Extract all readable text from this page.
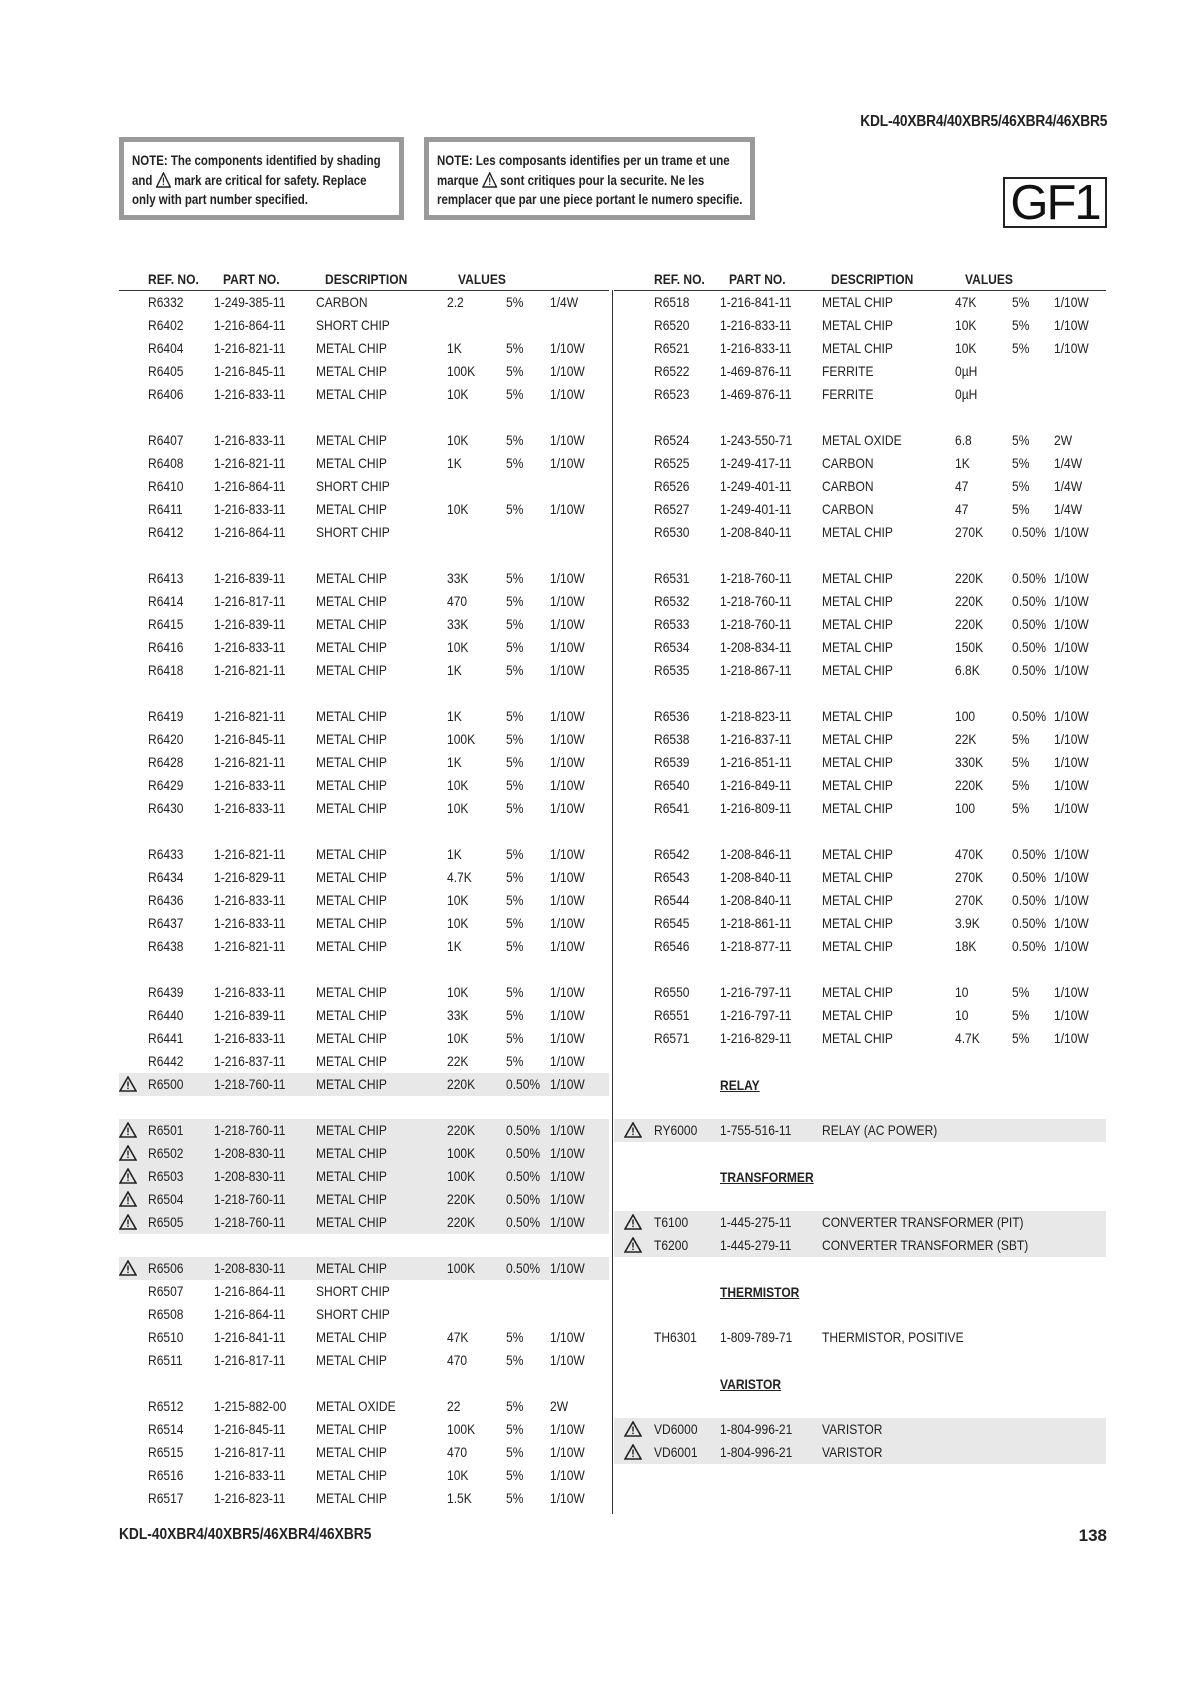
KDL-40XBR4/40XBR5/46XBR4/46XBR5
NOTE: The components identified by shading and mark are critical for safety. Replace only with part number specified.
NOTE: Les composants identifies per un trame et une marque sont critiques pour la securite. Ne les remplacer que par une piece portant le numero specifie.	GF1
REF. NO. PART NO.	DESCRIPTION	VALUES
R6332 1-249-385-11 CARBON	2.2	5% 1/4W
R6402 1-216-864-11 SHORT CHIP
R6404 1-216-821-11 METAL CHIP	1K	5% 1/10W
R6405 1-216-845-11 METAL CHIP	100K 5% 1/10W
R6406 1-216-833-11 METAL CHIP	10K	5% 1/10W
R6407 1-216-833-11 METAL CHIP	10K	5% 1/10W
R6408 1-216-821-11 METAL CHIP	1K	5% 1/10W
R6410 1-216-864-11 SHORT CHIP
R6411 1-216-833-11 METAL CHIP	10K	5% 1/10W
R6412 1-216-864-11 SHORT CHIP
R6413 1-216-839-11 METAL CHIP	33K	5% 1/10W
R6414 1-216-817-11 METAL CHIP	470	5% 1/10W
R6415 1-216-839-11 METAL CHIP	33K	5% 1/10W
R6416 1-216-833-11 METAL CHIP	10K	5% 1/10W
R6418 1-216-821-11 METAL CHIP	1K	5% 1/10W
R6419 1-216-821-11 METAL CHIP	1K	5% 1/10W
R6420 1-216-845-11 METAL CHIP	100K 5% 1/10W
R6428 1-216-821-11 METAL CHIP	1K	5% 1/10W
R6429 1-216-833-11 METAL CHIP	10K	5% 1/10W
R6430 1-216-833-11 METAL CHIP	10K	5% 1/10W
R6433 1-216-821-11 METAL CHIP	1K	5% 1/10W
R6434 1-216-829-11 METAL CHIP	4.7K 5% 1/10W
R6436 1-216-833-11 METAL CHIP	10K	5% 1/10W
R6437 1-216-833-11 METAL CHIP	10K	5% 1/10W
R6438 1-216-821-11 METAL CHIP	1K	5% 1/10W
R6439 1-216-833-11 METAL CHIP	10K	5% 1/10W
R6440 1-216-839-11 METAL CHIP	33K	5% 1/10W
R6441 1-216-833-11 METAL CHIP	10K	5% 1/10W
R6442 1-216-837-11 METAL CHIP	22K	5% 1/10W
R6500 1-218-760-11 METAL CHIP	220K 0.50% 1/10W
R6501 1-218-760-11 METAL CHIP	220K 0.50% 1/10W
R6502 1-208-830-11 METAL CHIP	100K 0.50% 1/10W
R6503 1-208-830-11 METAL CHIP	100K 0.50% 1/10W
R6504 1-218-760-11 METAL CHIP	220K 0.50% 1/10W
R6505 1-218-760-11 METAL CHIP	220K 0.50% 1/10W
R6506 1-208-830-11 METAL CHIP	100K 0.50% 1/10W
R6507 1-216-864-11 SHORT CHIP
R6508 1-216-864-11 SHORT CHIP
R6510 1-216-841-11 METAL CHIP	47K	5% 1/10W
R6511 1-216-817-11 METAL CHIP	470	5% 1/10W
R6512 1-215-882-00 METAL OXIDE	22	5% 2W
R6514 1-216-845-11 METAL CHIP	100K 5% 1/10W
R6515 1-216-817-11 METAL CHIP	470	5% 1/10W
R6516 1-216-833-11 METAL CHIP	10K	5% 1/10W
R6517 1-216-823-11 METAL CHIP	1.5K 5% 1/10W
REF. NO. PART NO.	DESCRIPTION	VALUES
R6518 1-216-841-11 METAL CHIP	47K	5% 1/10W
R6520 1-216-833-11 METAL CHIP	10K	5% 1/10W
R6521 1-216-833-11 METAL CHIP	10K	5% 1/10W
R6522 1-469-876-11 FERRITE	0µH
R6523 1-469-876-11 FERRITE	0µH
R6524 1-243-550-71 METAL OXIDE	6.8	5% 2W
R6525 1-249-417-11 CARBON	1K	5% 1/4W
R6526 1-249-401-11 CARBON	47	5% 1/4W
R6527 1-249-401-11 CARBON	47	5% 1/4W
R6530 1-208-840-11 METAL CHIP	270K 0.50% 1/10W
R6531 1-218-760-11 METAL CHIP	220K 0.50% 1/10W
R6532 1-218-760-11 METAL CHIP	220K 0.50% 1/10W
R6533 1-218-760-11 METAL CHIP	220K 0.50% 1/10W
R6534 1-208-834-11 METAL CHIP	150K 0.50% 1/10W
R6535 1-218-867-11 METAL CHIP	6.8K 0.50% 1/10W
R6536 1-218-823-11 METAL CHIP	100	0.50% 1/10W
R6538 1-216-837-11 METAL CHIP	22K	5% 1/10W
R6539 1-216-851-11 METAL CHIP	330K 5% 1/10W
R6540 1-216-849-11 METAL CHIP	220K 5% 1/10W
R6541 1-216-809-11 METAL CHIP	100	5% 1/10W
R6542 1-208-846-11 METAL CHIP	470K 0.50% 1/10W
R6543 1-208-840-11 METAL CHIP	270K 0.50% 1/10W
R6544 1-208-840-11 METAL CHIP	270K 0.50% 1/10W
R6545 1-218-861-11 METAL CHIP	3.9K 0.50% 1/10W
R6546 1-218-877-11 METAL CHIP	18K	0.50% 1/10W
R6550 1-216-797-11 METAL CHIP	10	5% 1/10W
R6551 1-216-797-11 METAL CHIP	10	5% 1/10W
R6571 1-216-829-11 METAL CHIP	4.7K 5% 1/10W
RELAY
RY6000 1-755-516-11 RELAY (AC POWER)
TRANSFORMER
T6100 1-445-275-11 CONVERTER TRANSFORMER (PIT)
T6200 1-445-279-11 CONVERTER TRANSFORMER (SBT)
THERMISTOR
TH6301 1-809-789-71 THERMISTOR, POSITIVE
VARISTOR
VD6000 1-804-996-21 VARISTOR
VD6001 1-804-996-21 VARISTOR
KDL-40XBR4/40XBR5/46XBR4/46XBR5	138
